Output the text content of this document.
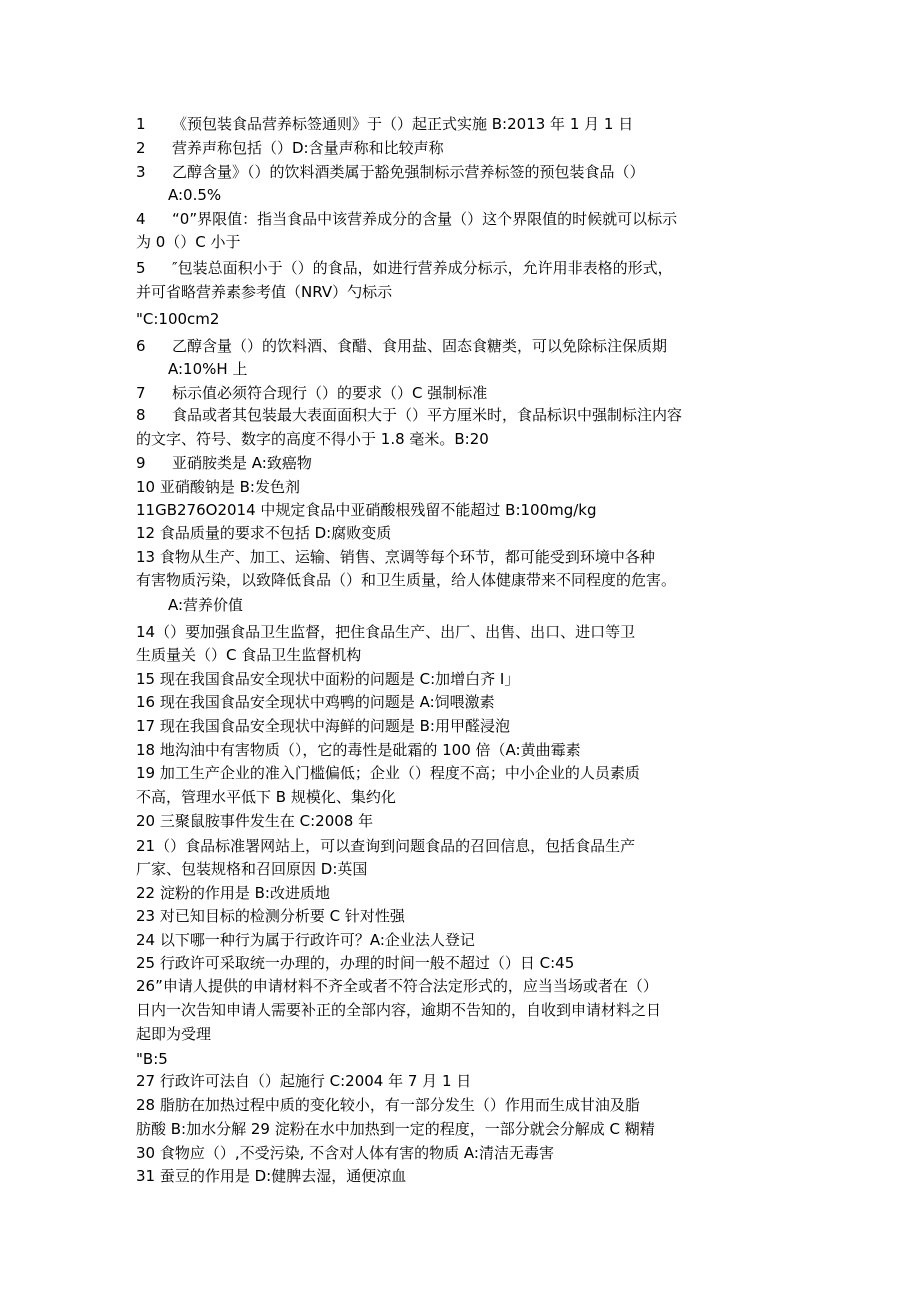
1 《预包装食品营养标签通则》于（）起正式实施 B:2013 年 1 月 1 日
2 营养声称包括（）D:含量声称和比较声称
3 乙醇含量》（）的饮料酒类属于豁免强制标示营养标签的预包装食品（）
A:0.5%
4 “0”界限值：指当食品中该营养成分的含量（）这个界限值的时候就可以标示
为 0（）C 小于
5 ″包装总面积小于（）的食品，如进行营养成分标示，允许用非表格的形式，
并可省略营养素参考值（NRV）勺标示
"C:100cm2
6 乙醇含量（）的饮料酒、食醋、食用盐、固态食糖类，可以免除标注保质期
A:10%H 上
7 标示值必须符合现行（）的要求（）C 强制标准
8 食品或者其包装最大表面面积大于（）平方厘米时，食品标识中强制标注内容
的文字、符号、数字的高度不得小于 1.8 毫米。B:20
9 亚硝胺类是 A:致癌物
10 亚硝酸钠是 B:发色剂
11GB276O2014 中规定食品中亚硝酸根残留不能超过 B:100mg/kg
12 食品质量的要求不包括 D:腐败变质
13 食物从生产、加工、运输、销售、烹调等每个环节，都可能受到环境中各种
有害物质污染，以致降低食品（）和卫生质量，给人体健康带来不同程度的危害。
A:营养价值
14（）要加强食品卫生监督，把住食品生产、出厂、出售、出口、进口等卫
生质量关（）C 食品卫生监督机构
15 现在我国食品安全现状中面粉的问题是 C:加增白齐 I」
16 现在我国食品安全现状中鸡鸭的问题是 A:饲喂激素
17 现在我国食品安全现状中海鲜的问题是 B:用甲醛浸泡
18 地沟油中有害物质（），它的毒性是砒霜的 100 倍（A:黄曲霉素
19 加工生产企业的准入门槛偏低；企业（）程度不高；中小企业的人员素质
不高，管理水平低下 B 规模化、集约化
20 三聚鼠胺事件发生在 C:2008 年
21（）食品标准署网站上，可以查询到问题食品的召回信息，包括食品生产
厂家、包装规格和召回原因 D:英国
22 淀粉的作用是 B:改进质地
23 对已知目标的检测分析要 C 针对性强
24 以下哪一种行为属于行政许可？A:企业法人登记
25 行政许可采取统一办理的，办理的时间一般不超过（）日 C:45
26”申请人提供的申请材料不齐全或者不符合法定形式的，应当当场或者在（）
日内一次告知申请人需要补正的全部内容，逾期不告知的，自收到申请材料之日
起即为受理
"B:5
27 行政许可法自（）起施行 C:2004 年 7 月 1 日
28 脂肪在加热过程中质的变化较小，有一部分发生（）作用而生成甘油及脂
肪酸 B:加水分解 29 淀粉在水中加热到一定的程度，一部分就会分解成 C 糊精
30 食物应（）,不受污染, 不含对人体有害的物质 A:清洁无毒害
31 蚕豆的作用是 D:健脾去湿，通便凉血
